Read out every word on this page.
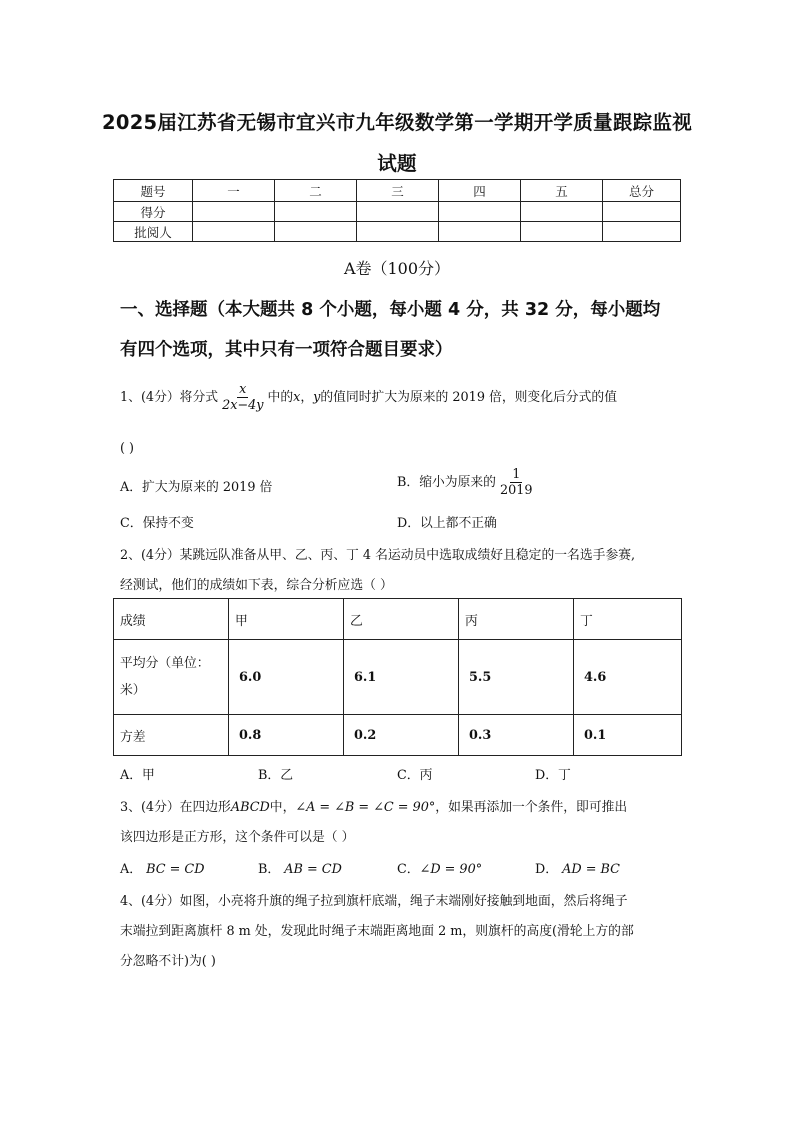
2025届江苏省无锡市宜兴市九年级数学第一学期开学质量跟踪监视
试题
题号	一	二	三	四	五	总分
得分						
批阅人						
A卷（100分）
一、选择题（本大题共 8 个小题，每小题 4 分，共 32 分，每小题均
有四个选项，其中只有一项符合题目要求）
1、(4分）将分式 $\frac{x}{2x-4y}$ 中的x，y的值同时扩大为原来的 2019 倍，则变化后分式的值
( )
A．扩大为原来的 2019 倍	B．缩小为原来的 $\frac{1}{2019}$
C．保持不变	D．以上都不正确
2、(4分）某跳远队准备从甲、乙、丙、丁 4 名运动员中选取成绩好且稳定的一名选手参赛,
经测试，他们的成绩如下表，综合分析应选（ ）
成绩	甲	乙	丙	丁
平均分（单位：
米）	6.0	6.1	5.5	4.6
方差	0.8	0.2	0.3	0.1
A．甲	B．乙	C．丙	D．丁
3、(4分）在四边形ABCD中，∠A = ∠B = ∠C = 90°，如果再添加一个条件，即可推出
该四边形是正方形，这个条件可以是（ ）
A． BC = CD	B． AB = CD	C．∠D = 90°	D． AD = BC
4、(4分）如图，小亮将升旗的绳子拉到旗杆底端，绳子末端刚好接触到地面，然后将绳子
末端拉到距离旗杆 8 m 处，发现此时绳子末端距离地面 2 m，则旗杆的高度(滑轮上方的部
分忽略不计)为( )
